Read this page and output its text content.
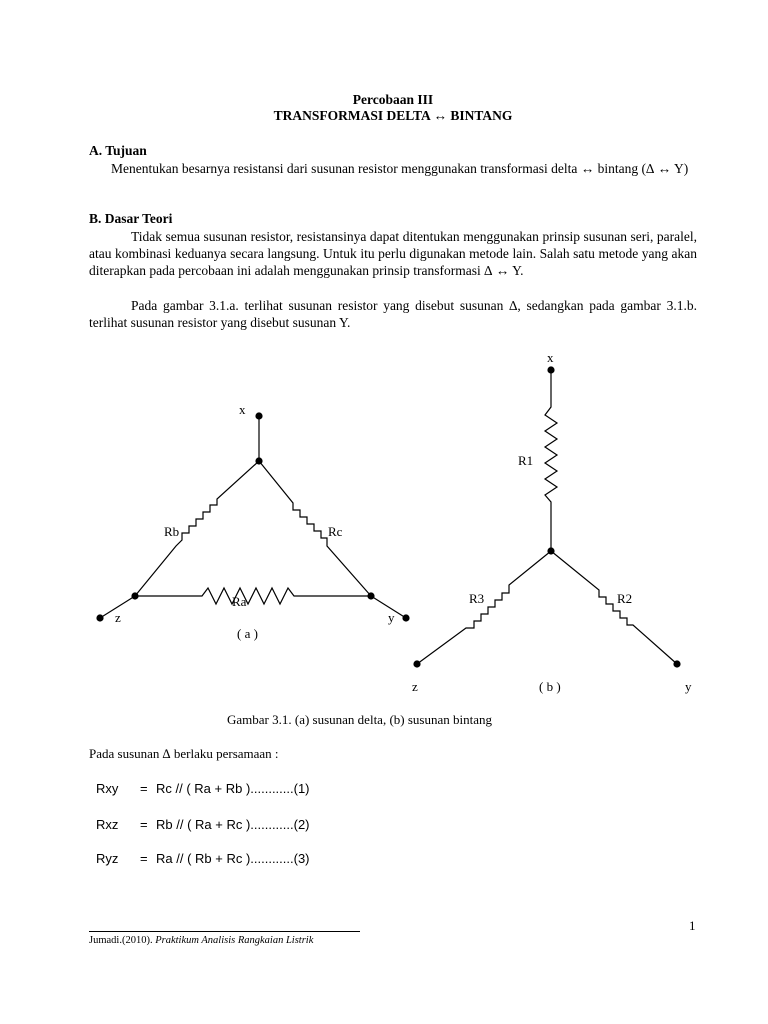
Percobaan III
TRANSFORMASI DELTA ↔ BINTANG
A. Tujuan
Menentukan besarnya resistansi dari susunan resistor menggunakan transformasi delta ↔ bintang (∆ ↔ Y)
B. Dasar Teori
Tidak semua susunan resistor, resistansinya dapat ditentukan menggunakan prinsip susunan seri, paralel, atau kombinasi keduanya secara langsung. Untuk itu perlu digunakan metode lain. Salah satu metode yang akan diterapkan pada percobaan ini adalah menggunakan prinsip transformasi ∆ ↔ Y.
Pada gambar 3.1.a. terlihat susunan resistor yang disebut susunan ∆, sedangkan pada gambar 3.1.b. terlihat susunan resistor yang disebut susunan Y.
x
Rb	Rc
Ra
z	y
( a )
x
R1
R3	R2
z	( b )	y
Gambar 3.1. (a) susunan delta, (b) susunan bintang
Pada susunan ∆ berlaku persamaan :
Rxy = Rc // ( Ra + Rb )............(1)
Rxz = Rb // ( Ra + Rc )............(2)
Ryz = Ra // ( Rb + Rc )............(3)
1
Jumadi.(2010). Praktikum Analisis Rangkaian Listrik
